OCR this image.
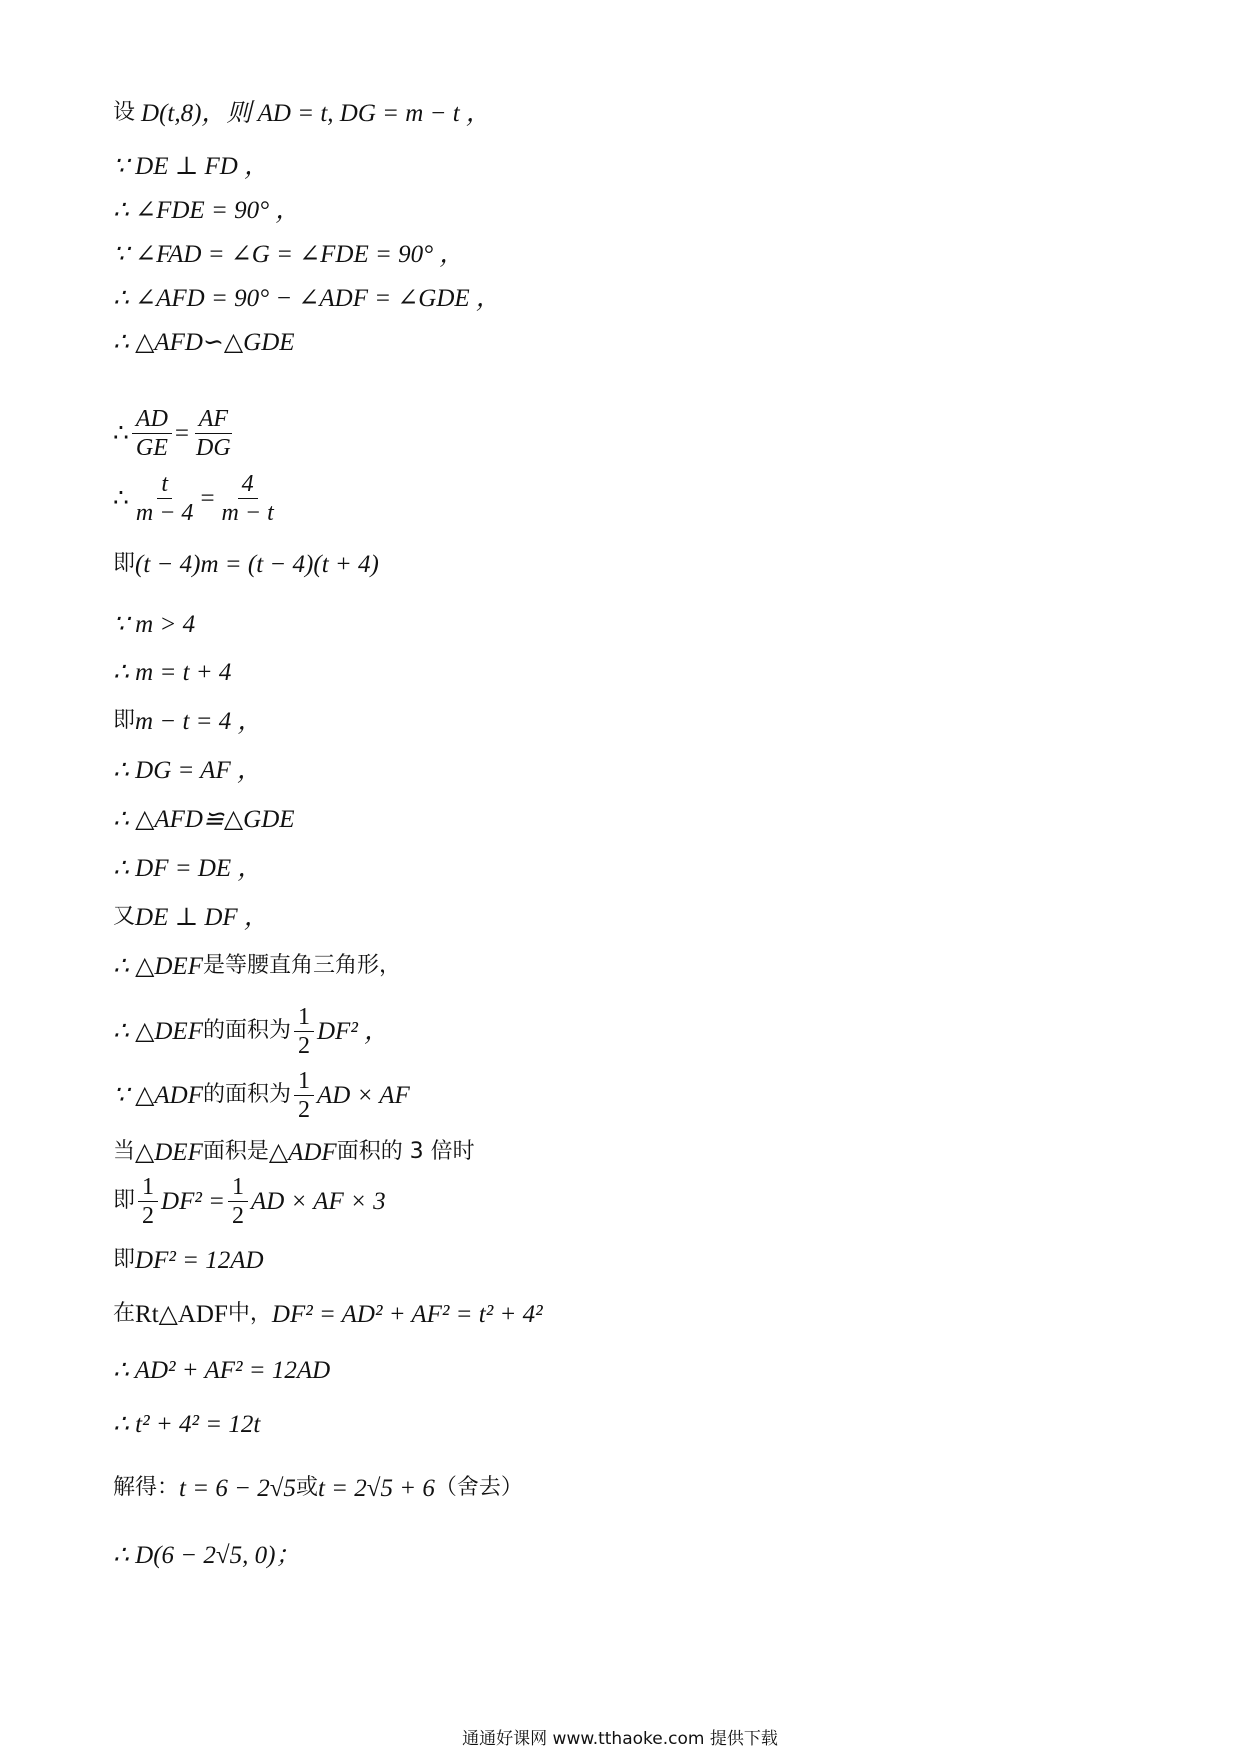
设 D(t,8)，则 AD = t, DG = m − t ，
∵ DE ⊥ FD ，
∴ ∠FDE = 90° ，
∵ ∠FAD = ∠G = ∠FDE = 90° ，
∴ ∠AFD = 90° − ∠ADF = ∠GDE ，
∴ △AFD∽△GDE
∴ $\frac{AD}{GE} = \frac{AF}{DG}$
∴ $\frac{t}{m - 4} = \frac{4}{m - t}$
即 (t − 4)m = (t − 4)(t + 4)
∵ m > 4
∴ m = t + 4
即 m − t = 4 ，
∴ DG = AF ，
∴ △AFD≌△GDE
∴ DF = DE ，
又 DE ⊥ DF ，
∴ △DEF 是等腰直角三角形，
∴ △DEF 的面积为 $\frac{1}{2} DF^2$ ，
∵ △ADF 的面积为 $\frac{1}{2}$ AD × AF
当 △DEF 面积是 △ADF 面积的 3 倍时
即 $\frac{1}{2} DF^2 = \frac{1}{2}$ AD × AF × 3
即 DF² = 12AD
在 Rt△ADF 中， DF² = AD² + AF² = t² + 4²
∴ AD² + AF² = 12AD
∴ t² + 4² = 12t
解得： t = 6 − 2√5 或 t = 2√5 + 6 （舍去）
∴ D(6 − 2√5, 0)；
通通好课网 www.tthaoke.com 提供下载
